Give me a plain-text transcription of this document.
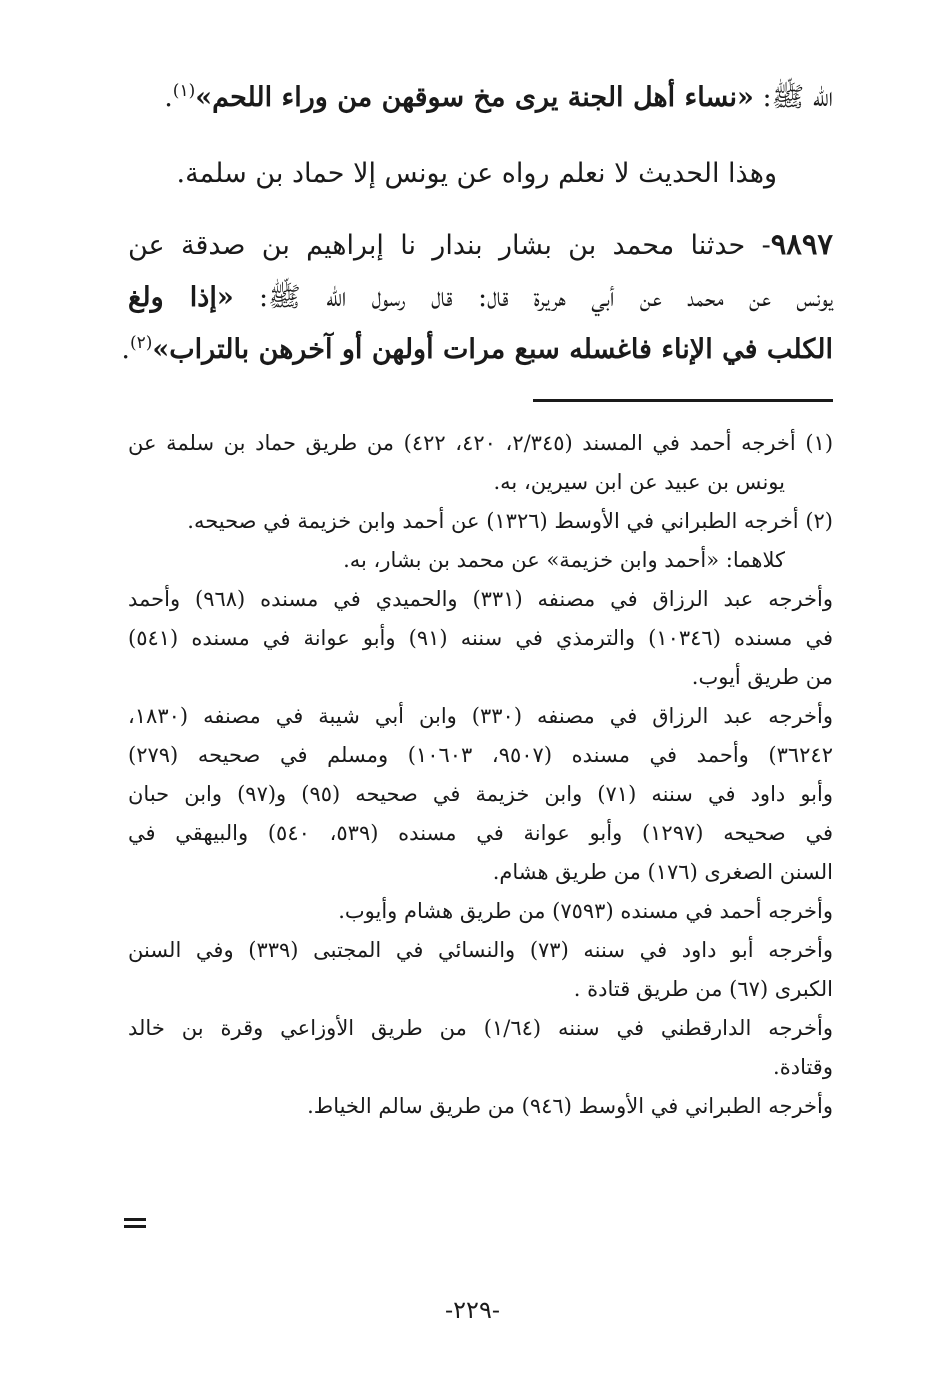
الله ﷺ: «نساء أهل الجنة يرى مخ سوقهن من وراء اللحم»$^{(١)}$.
وهذا الحديث لا نعلم رواه عن يونس إلا حماد بن سلمة.
٩٨٩٧- حدثنا محمد بن بشار بندار نا إبراهيم بن صدقة عن
يونس عن محمد عن أبي هريرة قال: قال رسول الله ﷺ: «إذا ولغ
الكلب في الإناء فاغسله سبع مرات أولهن أو آخرهن بالتراب»$^{(٢)}$.
(١) أخرجه أحمد في المسند (٢/٣٤٥، ٤٢٠، ٤٢٢) من طريق حماد بن سلمة عن
يونس بن عبيد عن ابن سيرين، به.
(٢) أخرجه الطبراني في الأوسط (١٣٢٦) عن أحمد وابن خزيمة في صحيحه.
كلاهما: «أحمد وابن خزيمة» عن محمد بن بشار، به.
وأخرجه عبد الرزاق في مصنفه (٣٣١) والحميدي في مسنده (٩٦٨) وأحمد
في مسنده (١٠٣٤٦) والترمذي في سننه (٩١) وأبو عوانة في مسنده (٥٤١)
من طريق أيوب.
وأخرجه عبد الرزاق في مصنفه (٣٣٠) وابن أبي شيبة في مصنفه (١٨٣٠،
٣٦٢٤٢) وأحمد في مسنده (٩٥٠٧، ١٠٦٠٣) ومسلم في صحيحه (٢٧٩)
وأبو داود في سننه (٧١) وابن خزيمة في صحيحه (٩٥) و(٩٧) وابن حبان
في صحيحه (١٢٩٧) وأبو عوانة في مسنده (٥٣٩، ٥٤٠) والبيهقي في
السنن الصغرى (١٧٦) من طريق هشام.
وأخرجه أحمد في مسنده (٧٥٩٣) من طريق هشام وأيوب.
وأخرجه أبو داود في سننه (٧٣) والنسائي في المجتبى (٣٣٩) وفي السنن
الكبرى (٦٧) من طريق قتادة .
وأخرجه الدارقطني في سننه (١/٦٤) من طريق الأوزاعي وقرة بن خالد
وقتادة.
وأخرجه الطبراني في الأوسط (٩٤٦) من طريق سالم الخياط.
-٢٢٩-
